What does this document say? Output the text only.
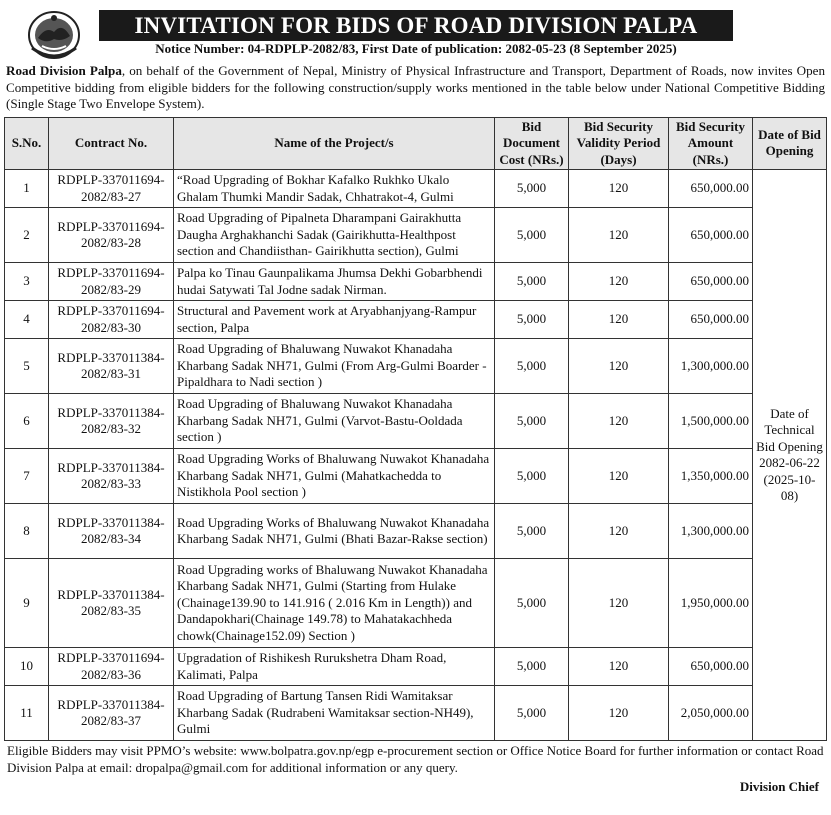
INVITATION FOR BIDS OF ROAD DIVISION PALPA
Notice Number: 04-RDPLP-2082/83, First Date of publication: 2082-05-23 (8 September 2025)
Road Division Palpa, on behalf of the Government of Nepal, Ministry of Physical Infrastructure and Transport, Department of Roads, now invites Open Competitive bidding from eligible bidders for the following construction/supply works mentioned in the table below under National Competitive Bidding (Single Stage Two Envelope System).
S.No.	Contract No.	Name of the Project/s	Bid Document Cost (NRs.)	Bid Security Validity Period (Days)	Bid Security Amount (NRs.)	Date of Bid Opening
1	RDPLP-337011694-2082/83-27	“Road Upgrading of Bokhar Kafalko Rukhko Ukalo Ghalam Thumki Mandir Sadak, Chhatrakot-4, Gulmi	5,000	120	650,000.00	Date of Technical Bid Opening 2082-06-22 (2025-10-08)
2	RDPLP-337011694-2082/83-28	Road Upgrading of Pipalneta Dharampani Gairakhutta Daugha Arghakhanchi Sadak (Gairikhutta-Healthpost section and Chandiisthan- Gairikhutta section), Gulmi	5,000	120	650,000.00	
3	RDPLP-337011694-2082/83-29	Palpa ko Tinau Gaunpalikama Jhumsa Dekhi Gobarbhendi hudai Satywati Tal Jodne sadak Nirman.	5,000	120	650,000.00	
4	RDPLP-337011694-2082/83-30	Structural and Pavement work at Aryabhanjyang-Rampur section, Palpa	5,000	120	650,000.00	
5	RDPLP-337011384-2082/83-31	Road Upgrading of Bhaluwang Nuwakot Khanadaha Kharbang Sadak NH71, Gulmi (From Arg-Gulmi Boarder -Pipaldhara to Nadi section )	5,000	120	1,300,000.00	
6	RDPLP-337011384-2082/83-32	Road Upgrading of Bhaluwang Nuwakot Khanadaha Kharbang Sadak NH71, Gulmi (Varvot-Bastu-Ooldada section )	5,000	120	1,500,000.00	
7	RDPLP-337011384-2082/83-33	Road Upgrading Works of Bhaluwang Nuwakot Khanadaha Kharbang Sadak NH71, Gulmi (Mahatkachedda to Nistikhola Pool section )	5,000	120	1,350,000.00	
8	RDPLP-337011384-2082/83-34	Road Upgrading Works of Bhaluwang Nuwakot Khanadaha Kharbang Sadak NH71, Gulmi (Bhati Bazar-Rakse section)	5,000	120	1,300,000.00	
9	RDPLP-337011384-2082/83-35	Road Upgrading works of Bhaluwang Nuwakot Khanadaha Kharbang Sadak NH71, Gulmi (Starting from Hulake (Chainage139.90 to 141.916 ( 2.016 Km in Length)) and Dandapokhari(Chainage 149.78) to Mahatakachheda chowk(Chainage152.09) Section )	5,000	120	1,950,000.00	
10	RDPLP-337011694-2082/83-36	Upgradation of Rishikesh Rurukshetra Dham Road, Kalimati, Palpa	5,000	120	650,000.00	
11	RDPLP-337011384-2082/83-37	Road Upgrading of Bartung Tansen Ridi Wamitaksar Kharbang Sadak (Rudrabeni Wamitaksar section-NH49), Gulmi	5,000	120	2,050,000.00	
Eligible Bidders may visit PPMO’s website: www.bolpatra.gov.np/egp e-procurement section or Office Notice Board for further information or contact Road Division Palpa at email: dropalpa@gmail.com for additional information or any query.
Division Chief
